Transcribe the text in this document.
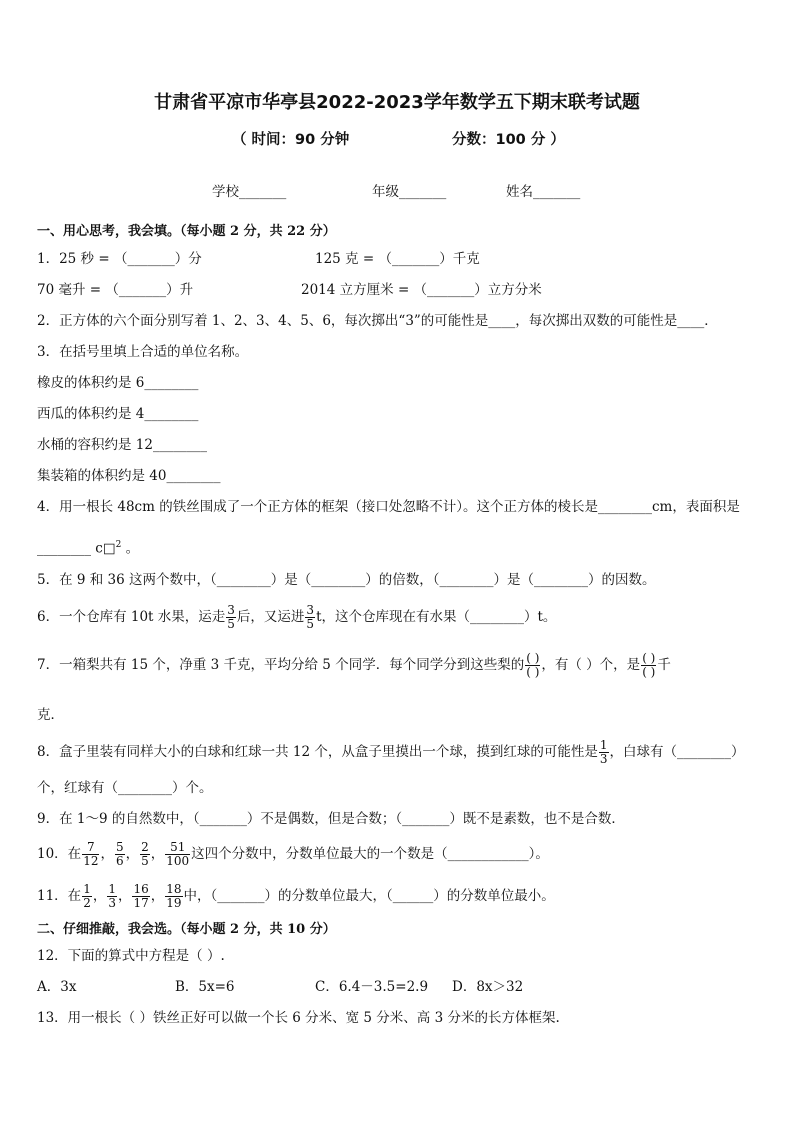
甘肃省平凉市华亭县2022-2023学年数学五下期末联考试题
（ 时间：90 分钟	分数：100 分 ）
学校_______	年级_______	姓名_______
一、用心思考，我会填。（每小题 2 分，共 22 分）
1．25 秒 = （_______）分	125 克 = （_______）千克
70 毫升 = （_______）升	2014 立方厘米 = （_______）立方分米
2．正方体的六个面分别写着 1、2、3、4、5、6，每次掷出“3”的可能性是____，每次掷出双数的可能性是____．
3．在括号里填上合适的单位名称。
橡皮的体积约是 6________
西瓜的体积约是 4________
水桶的容积约是 12________
集装箱的体积约是 40________
4．用一根长 48cm 的铁丝围成了一个正方体的框架（接口处忽略不计）。这个正方体的棱长是________cm，表面积是
________ c□$^2$ 。
5．在 9 和 36 这两个数中，（________）是（________）的倍数，（________）是（________）的因数。
6．一个仓库有 10t 水果，运走 $\frac{3}{5}$ 后，又运进 $\frac{3}{5}$ t，这个仓库现在有水果（________）t。
7．一箱梨共有 15 个，净重 3 千克，平均分给 5 个同学．每个同学分到这些梨的 $\frac{( )}{( )}$ ，有（ ）个，是 $\frac{( )}{( )}$ 千
克．
8．盒子里装有同样大小的白球和红球一共 12 个，从盒子里摸出一个球，摸到红球的可能性是 $\frac{1}{3}$ ，白球有（________）
个，红球有（________）个。
9．在 1～9 的自然数中，（_______）不是偶数，但是合数；（_______）既不是素数，也不是合数．
10．在 $\frac{7}{12}$ ， $\frac{5}{6}$ ， $\frac{2}{5}$ ， $\frac{51}{100}$ 这四个分数中，分数单位最大的一个数是（____________）。
11．在 $\frac{1}{2}$ ， $\frac{1}{3}$ ， $\frac{16}{17}$ ， $\frac{18}{19}$ 中，（_______）的分数单位最大，（______）的分数单位最小。
二、仔细推敲，我会选。（每小题 2 分，共 10 分）
12．下面的算式中方程是（ ）.
A．3x	B．5x=6	C．6.4－3.5=2.9 D．8x＞32
13．用一根长（ ）铁丝正好可以做一个长 6 分米、宽 5 分米、高 3 分米的长方体框架.
